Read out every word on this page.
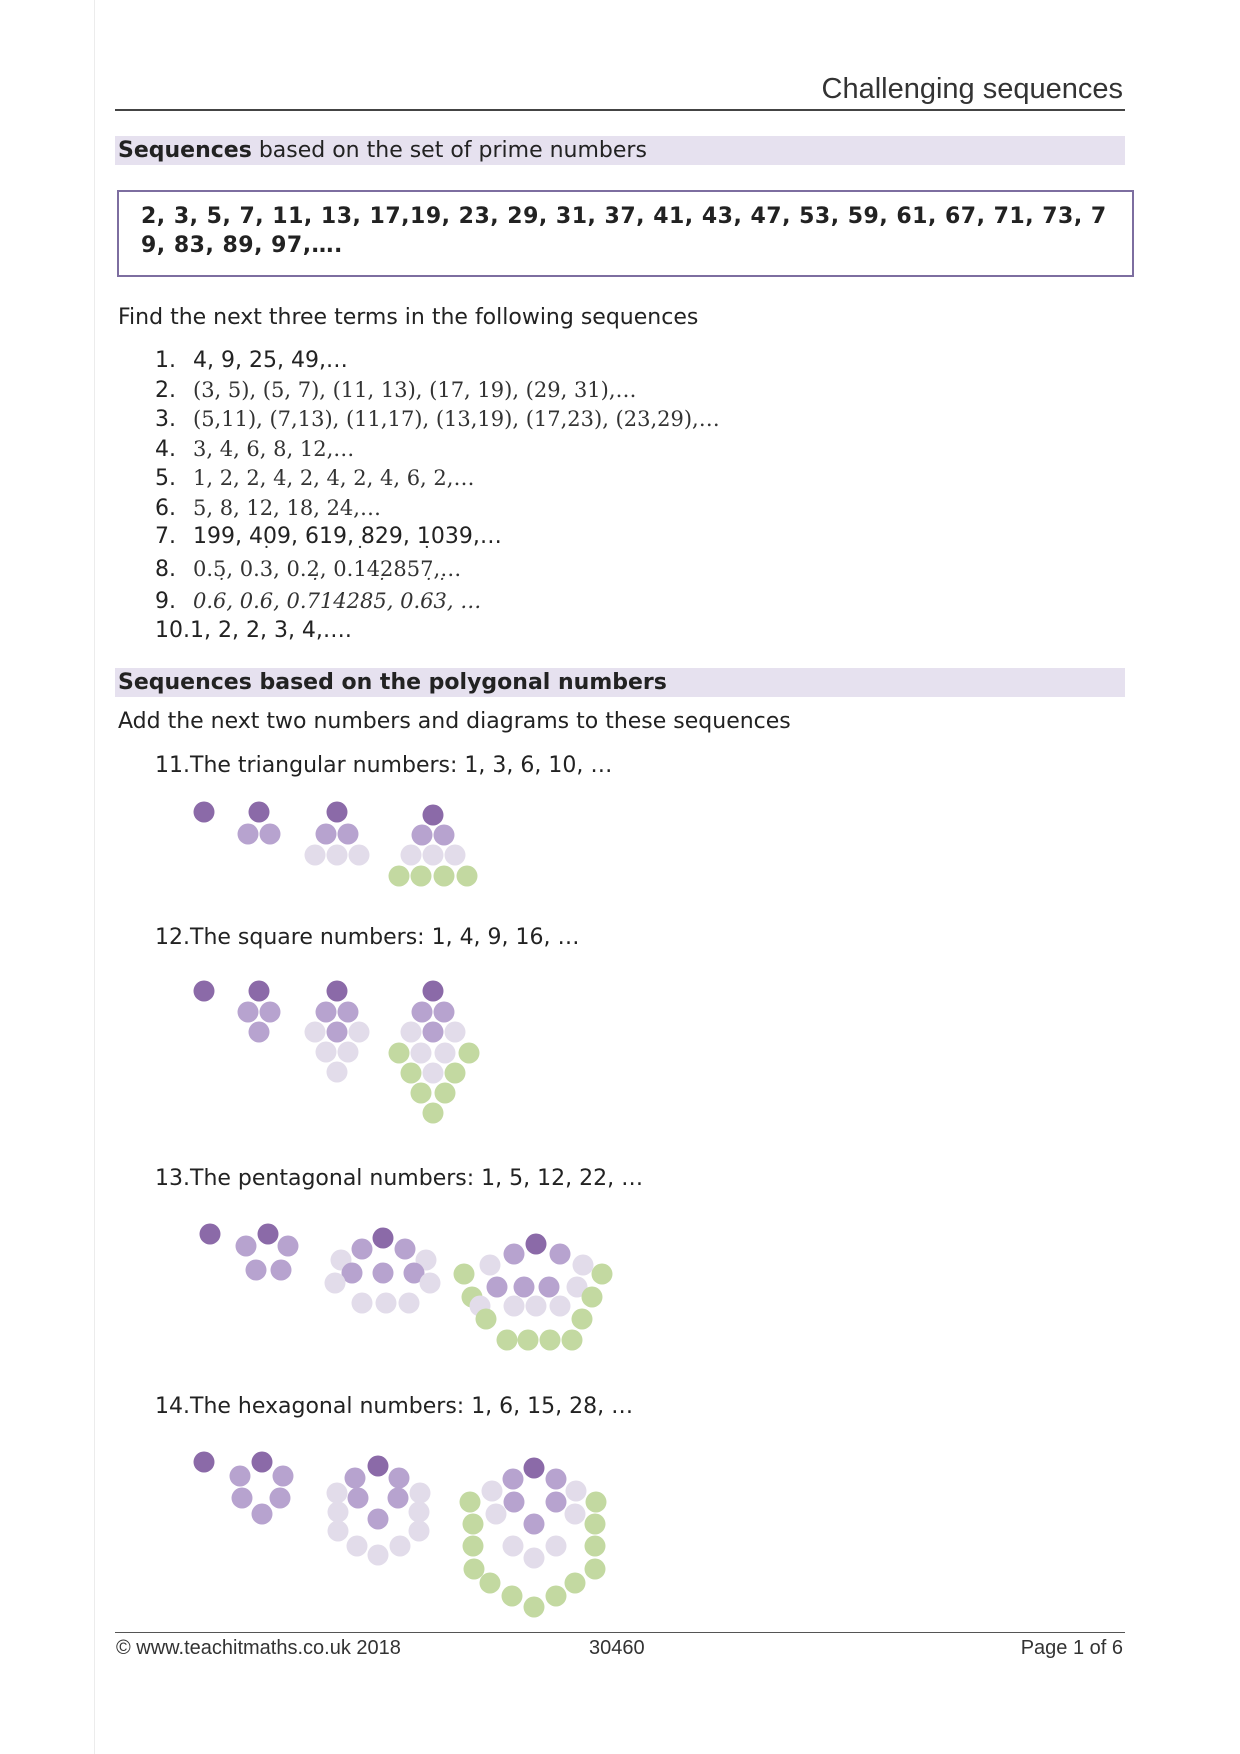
Challenging sequences
Sequences based on the set of prime numbers
2, 3, 5, 7, 11, 13, 17,19, 23, 29, 31, 37, 41, 43, 47, 53, 59, 61, 67, 71, 73, 79, 83, 89, 97,….
Find the next three terms in the following sequences
1. 4, 9, 25, 49,…
2. (3, 5), (5, 7), (11, 13), (17, 19), (29, 31),…
3. (5,11), (7,13), (11,17), (13,19), (17,23), (23,29),…
4. 3, 4, 6, 8, 12,…
5. 1, 2, 2, 4, 2, 4, 2, 4, 6, 2,…
6. 5, 8, 12, 18, 24,…
7. 199, 409, 619, 829, 1039,…
8. 0.5, 0.3 ˙, 0.2, 0.1 ˙42857 ˙,…
9. 0.6 ˙, 0.6, 0.7 ˙14285 ˙, 0.6 ˙3 ˙, …
10.1, 2, 2, 3, 4,….
Sequences based on the polygonal numbers
Add the next two numbers and diagrams to these sequences
11.The triangular numbers: 1, 3, 6, 10, …
12.The square numbers: 1, 4, 9, 16, …
13.The pentagonal numbers: 1, 5, 12, 22, …
14.The hexagonal numbers: 1, 6, 15, 28, …
© www.teachitmaths.co.uk 2018	30460	Page 1 of 6
